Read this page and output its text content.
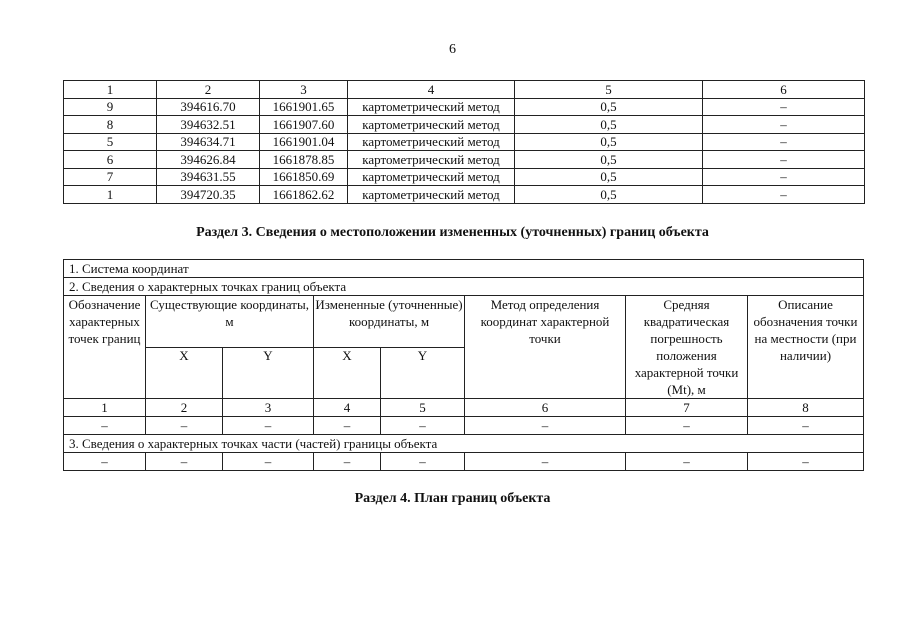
6
1	2	3	4	5	6
9	394616.70	1661901.65	картометрический метод	0,5	–
8	394632.51	1661907.60	картометрический метод	0,5	–
5	394634.71	1661901.04	картометрический метод	0,5	–
6	394626.84	1661878.85	картометрический метод	0,5	–
7	394631.55	1661850.69	картометрический метод	0,5	–
1	394720.35	1661862.62	картометрический метод	0,5	–
Раздел 3. Сведения о местоположении измененных (уточненных) границ объекта
1. Система координат							
2. Сведения о характерных точках границ объекта							
Обозначение характерных точек границ	Существующие координаты, м		Измененные (уточненные) координаты, м		Метод определения координат характерной точки	Средняя квадратическая погрешность положения характерной точки (Mt), м	Описание обозначения точки на местности (при наличии)
	X	Y	X	Y			
1	2	3	4	5	6	7	8
–	–	–	–	–	–	–	–
3. Сведения о характерных точках части (частей) границы объекта							
–	–	–	–	–	–	–	–
Раздел 4. План границ объекта
